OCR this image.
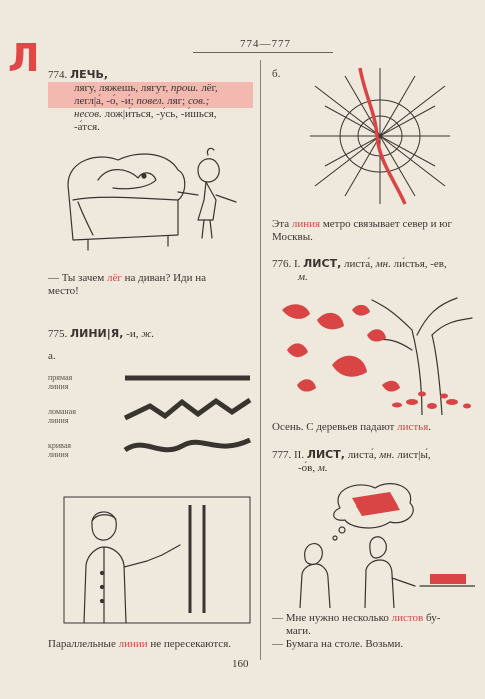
Л	774—777
774. ЛЕЧЬ,
лягу, ляжешь, лягут, прош. лёг,
легл|а́, -о́, -и́; повел. ляг; сов.;
несов. лож|и́ться, -у́сь, -и́шься,
-а́тся.
— Ты зачем лёг на диван? Иди на
место!
775. ЛИНИ|Я, -и, ж.
а.
прямая
линия
ломаная
линия
кривая
линия
Параллельные линии не пересекаются.
б.
Эта линия метро связывает север и юг
Москвы.
776. I. ЛИСТ, листа́, мн. ли́стья, -ев,
м.
Осень. С деревьев падают листья.
777. II. ЛИСТ, листа́, мн. лист|ы́,
-о́в, м.
— Мне нужно несколько листов бу-
маги.
— Бумага на столе. Возьми.
160
